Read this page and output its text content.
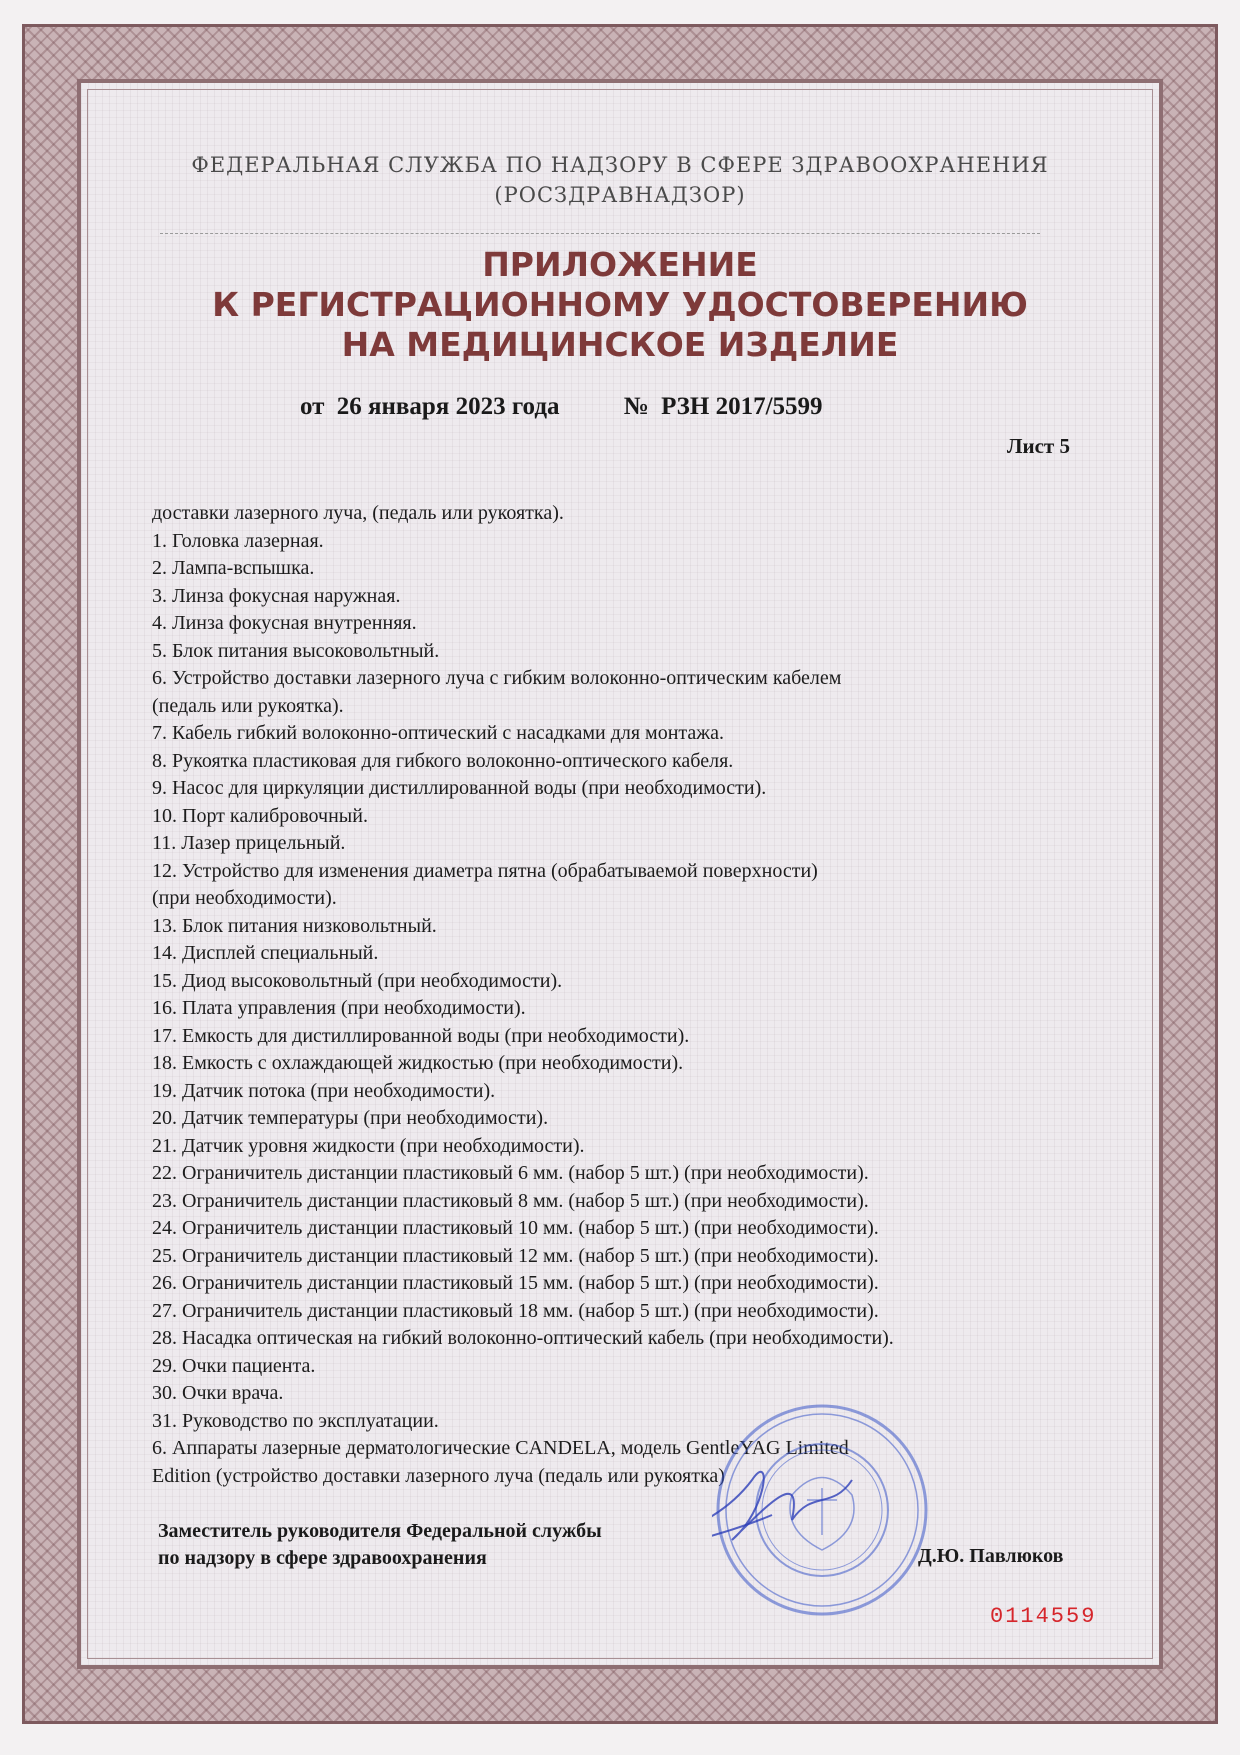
ФЕДЕРАЛЬНАЯ СЛУЖБА ПО НАДЗОРУ В СФЕРЕ ЗДРАВООХРАНЕНИЯ
(РОСЗДРАВНАДЗОР)
ПРИЛОЖЕНИЕ
К РЕГИСТРАЦИОННОМУ УДОСТОВЕРЕНИЮ
НА МЕДИЦИНСКОЕ ИЗДЕЛИЕ
от 26 января 2023 года	№ РЗН 2017/5599
Лист 5
доставки лазерного луча, (педаль или рукоятка).
1. Головка лазерная.
2. Лампа-вспышка.
3. Линза фокусная наружная.
4. Линза фокусная внутренняя.
5. Блок питания высоковольтный.
6. Устройство доставки лазерного луча с гибким волоконно-оптическим кабелем
(педаль или рукоятка).
7. Кабель гибкий волоконно-оптический с насадками для монтажа.
8. Рукоятка пластиковая для гибкого волоконно-оптического кабеля.
9. Насос для циркуляции дистиллированной воды (при необходимости).
10. Порт калибровочный.
11. Лазер прицельный.
12. Устройство для изменения диаметра пятна (обрабатываемой поверхности)
(при необходимости).
13. Блок питания низковольтный.
14. Дисплей специальный.
15. Диод высоковольтный (при необходимости).
16. Плата управления (при необходимости).
17. Емкость для дистиллированной воды (при необходимости).
18. Емкость с охлаждающей жидкостью (при необходимости).
19. Датчик потока (при необходимости).
20. Датчик температуры (при необходимости).
21. Датчик уровня жидкости (при необходимости).
22. Ограничитель дистанции пластиковый 6 мм. (набор 5 шт.) (при необходимости).
23. Ограничитель дистанции пластиковый 8 мм. (набор 5 шт.) (при необходимости).
24. Ограничитель дистанции пластиковый 10 мм. (набор 5 шт.) (при необходимости).
25. Ограничитель дистанции пластиковый 12 мм. (набор 5 шт.) (при необходимости).
26. Ограничитель дистанции пластиковый 15 мм. (набор 5 шт.) (при необходимости).
27. Ограничитель дистанции пластиковый 18 мм. (набор 5 шт.) (при необходимости).
28. Насадка оптическая на гибкий волоконно-оптический кабель (при необходимости).
29. Очки пациента.
30. Очки врача.
31. Руководство по эксплуатации.
6. Аппараты лазерные дерматологические CANDELA, модель GentleYAG Limited
Edition (устройство доставки лазерного луча (педаль или рукоятка)
Заместитель руководителя Федеральной службы
по надзору в сфере здравоохранения	Д.Ю. Павлюков
0114559
